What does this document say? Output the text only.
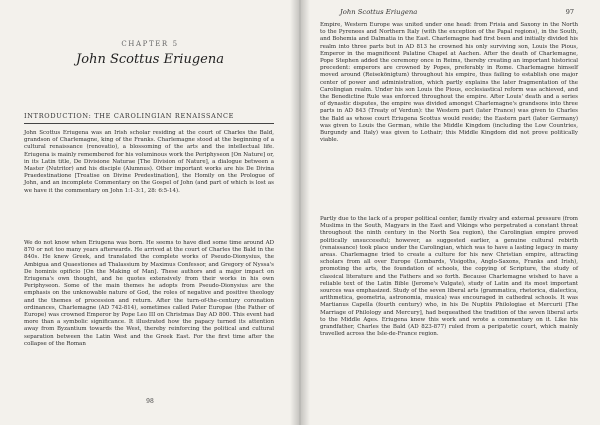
CHAPTER 5
John Scottus Eriugena
INTRODUCTION: THE CAROLINGIAN RENAISSANCE

John Scottus Eriugena was an Irish scholar residing at the court of Charles the Bald, grandson of Charlemagne, king of the Franks. Charlemagne stood at the beginning of a cultural renaissance (renovatio), a blossoming of the arts and the intellectual life. Eriugena is mainly remembered for his voluminous work the Periphyseon [On Nature] or, in its Latin title, De Divisione Naturae [The Division of Nature], a dialogue between a Master (Nutritor) and his disciple (Alumnus). Other important works are his De Divina Praedestinatione [Treatise on Divine Predestination], the Homily on the Prologue of John, and an incomplete Commentary on the Gospel of John (and part of which is lost as we have it the commentary on John 1:1-3:1, 28: 6:5-14).

We do not know when Eriugena was born. He seems to have died some time around AD 870 or not too many years afterwards. He arrived at the court of Charles the Bald in the 840s. He knew Greek, and translated the complete works of Pseudo-Dionysius, the Ambigua and Quaestiones ad Thalassium by Maximus Confessor, and Gregory of Nyssa's De hominis opificio [On the Making of Man]. These authors and a major impact on Eriugena's own thought, and he quotes extensively from their works in his own Periphyseon. Some of the main themes he adopts from Pseudo-Dionysius are the emphasis on the unknowable nature of God, the roles of negative and positive theology and the themes of procession and return. After the turn-of-the-century coronation ordinances, Charlemagne (AD 742-814), sometimes called Pater Europae (the Father of Europe) was crowned Emperor by Pope Leo III on Christmas Day AD 800. This event had more than a symbolic significance. It illustrated how the papacy turned its attention away from Byzantium towards the West, thereby reinforcing the political and cultural separation between the Latin West and the Greek East. For the first time after the collapse of the Roman

98
John Scottus Eriugena	97

Empire, Western Europe was united under one head: from Frisia and Saxony in the North to the Pyrenees and Northern Italy (with the exception of the Papal regions), in the South, and Bohemia and Dalmatia in the East. Charlemagne had first been and initially divided his realm into three parts but in AD 813 he crowned his only surviving son, Louis the Pious, Emperor in the magnificent Palatine Chapel at Aachen. After the death of Charlemagne, Pope Stephen added the ceremony once in Reims, thereby creating an important historical precedent: emperors are crowned by Popes, preferably in Rome. Charlemagne himself moved around (Reisekönigtum) throughout his empire, thus failing to establish one major center of power and administration, which partly explains the later fragmentation of the Carolingian realm. Under his son Louis the Pious, ecclesiastical reform was achieved, and the Benedictine Rule was enforced throughout the empire. After Louis' death and a series of dynastic disputes, the empire was divided amongst Charlemagne's grandsons into three parts in AD 843 (Treaty of Verdun): the Western part (later France) was given to Charles the Bald as whose court Eriugena Scottus would reside; the Eastern part (later Germany) was given to Louis the German, while the Middle Kingdom (including the Low Countries, Burgundy and Italy) was given to Lothair; this Middle Kingdom did not prove politically viable.

Partly due to the lack of a proper political center, family rivalry and external pressure (from Muslims in the South, Magyars in the East and Vikings who perpetrated a constant threat throughout the ninth century in the North Sea region), the Carolingian empire proved politically unsuccessful; however, as suggested earlier, a genuine cultural rebirth (renaissance) took place under the Carolingian, which was to have a lasting legacy in many areas. Charlemagne tried to create a culture for his new Christian empire, attracting scholars from all over Europe (Lombards, Visigoths, Anglo-Saxons, Franks and Irish), promoting the arts, the foundation of schools, the copying of Scripture, the study of classical literature and the Fathers and so forth. Because Charlemagne wished to have a reliable text of the Latin Bible (Jerome's Vulgate), study of Latin and its most important sources was emphasized. Study of the seven liberal arts (grammatica, rhetorica, dialectica, arithmetica, geometria, astronomia, musica) was encouraged in cathedral schools. It was Martianus Capella (fourth century) who, in his De Nuptiis Philologiae et Mercurii [The Marriage of Philology and Mercury], had bequeathed the tradition of the seven liberal arts to the Middle Ages. Eriugena knew this work and wrote a commentary on it. Like his grandfather, Charles the Bald (AD 823-877) ruled from a peripatetic court, which mainly travelled across the Isle-de-France region.
